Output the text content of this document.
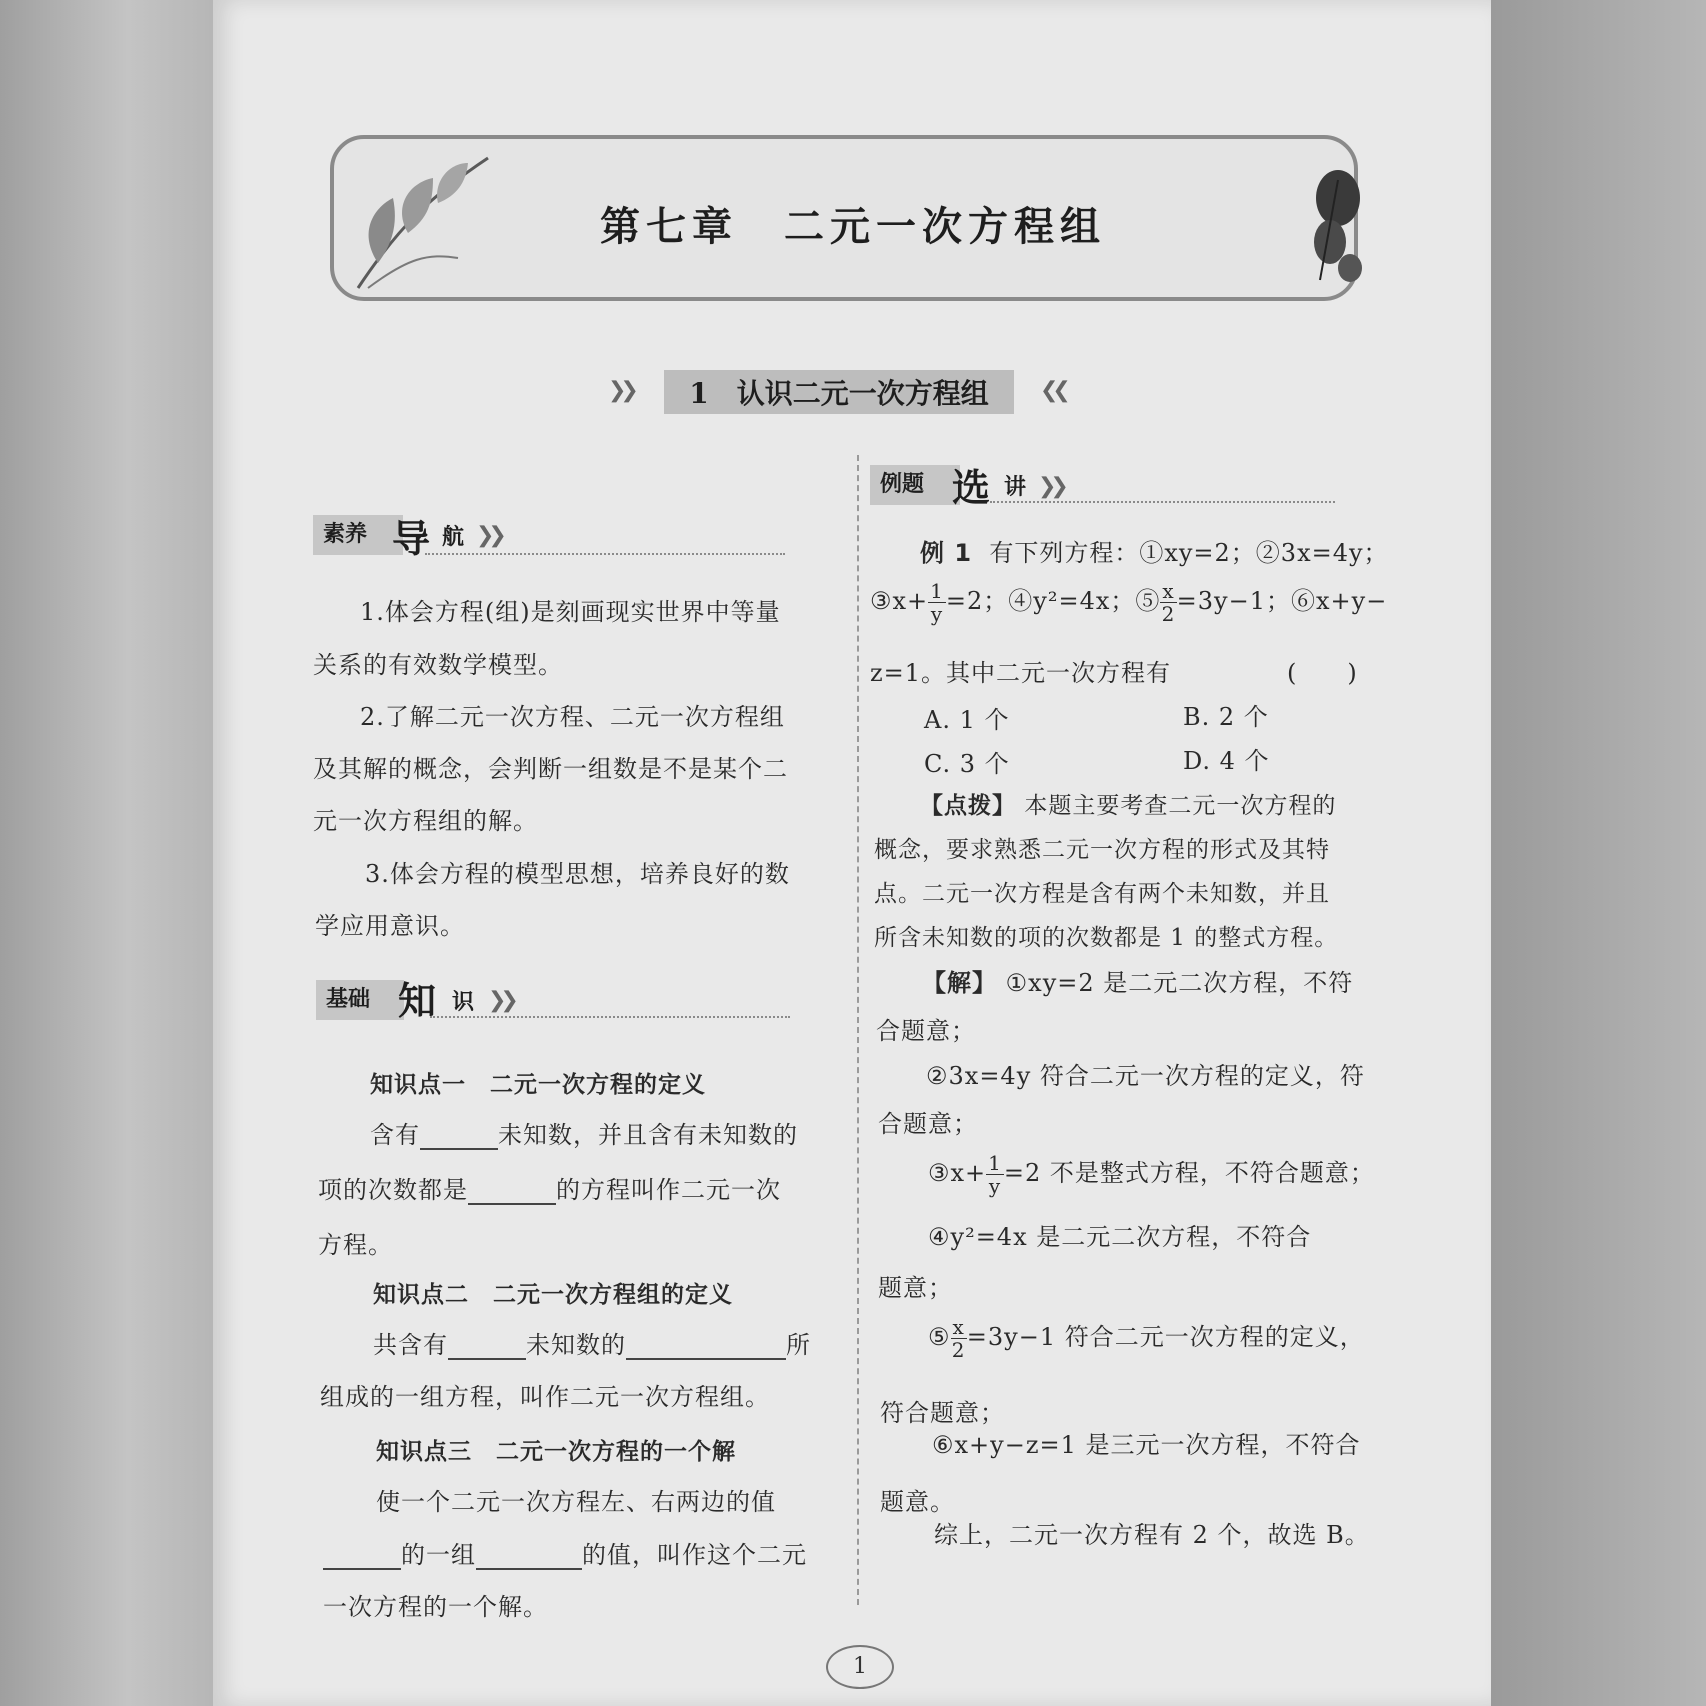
第七章　二元一次方程组
❯❯	1　认识二元一次方程组	❮❮
素养 导 航 ❯❯
1.体会方程(组)是刻画现实世界中等量
关系的有效数学模型。
2.了解二元一次方程、二元一次方程组
及其解的概念，会判断一组数是不是某个二
元一次方程组的解。
3.体会方程的模型思想，培养良好的数
学应用意识。
基础 知 识 ❯❯
知识点一　二元一次方程的定义
含有	未知数，并且含有未知数的
项的次数都是	的方程叫作二元一次
方程。
知识点二　二元一次方程组的定义
共含有	未知数的	所
组成的一组方程，叫作二元一次方程组。
知识点三　二元一次方程的一个解
使一个二元一次方程左、右两边的值
的一组	的值，叫作这个二元
一次方程的一个解。
例题 选 讲 ❯❯
例 1 有下列方程：①xy=2；②3x=4y；
③x+ $\frac{1}{y} =2$；④y²=4x；⑤ $\frac{x}{2} =3y-1$；⑥x+y−
z=1。其中二元一次方程有	(　　)
A. 1 个	B. 2 个
C. 3 个	D. 4 个
【点拨】 本题主要考查二元一次方程的
概念，要求熟悉二元一次方程的形式及其特
点。二元一次方程是含有两个未知数，并且
所含未知数的项的次数都是 1 的整式方程。
【解】 ①xy=2 是二元二次方程，不符
合题意；
②3x=4y 符合二元一次方程的定义，符
合题意；
③x+ $\frac{1}{y} =2$ 不是整式方程，不符合题意；
④y²=4x 是二元二次方程，不符合
题意；
⑤ $\frac{x}{2} =3y-1$ 符合二元一次方程的定义，
符合题意；
⑥x+y−z=1 是三元一次方程，不符合
题意。
综上，二元一次方程有 2 个，故选 B。
1
